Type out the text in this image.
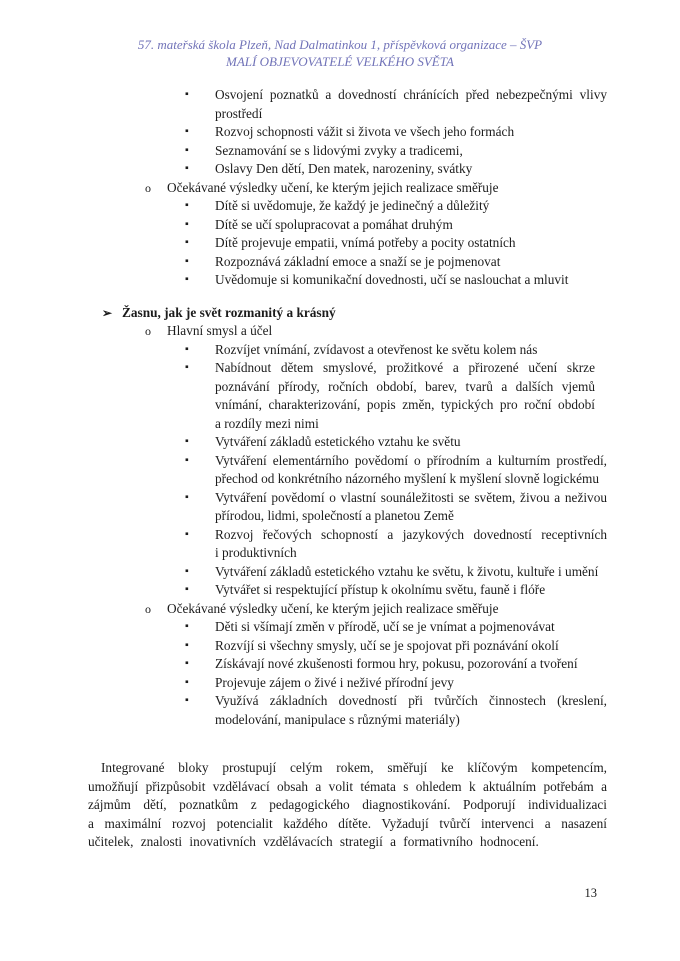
57. mateřská škola Plzeň, Nad Dalmatinkou 1, příspěvková organizace – ŠVP
MALÍ OBJEVOVATELÉ VELKÉHO SVĚTA
▪	Osvojení poznatků a dovedností chránících před nebezpečnými vlivy prostředí
▪	Rozvoj schopnosti vážit si života ve všech jeho formách
▪	Seznamování se s lidovými zvyky a tradicemi,
▪	Oslavy Den dětí, Den matek, narozeniny, svátky
o	Očekávané výsledky učení, ke kterým jejich realizace směřuje
▪	Dítě si uvědomuje, že každý je jedinečný a důležitý
▪	Dítě se učí spolupracovat a pomáhat druhým
▪	Dítě projevuje empatii, vnímá potřeby a pocity ostatních
▪	Rozpoznává základní emoce a snaží se je pojmenovat
▪	Uvědomuje si komunikační dovednosti, učí se naslouchat a mluvit
➢ Žasnu, jak je svět rozmanitý a krásný
o	Hlavní smysl a účel
▪	Rozvíjet vnímání, zvídavost a otevřenost ke světu kolem nás
▪	Nabídnout dětem smyslové, prožitkové a přirozené učení skrze poznávání přírody, ročních období, barev, tvarů a dalších vjemů vnímání, charakterizování, popis změn, typických pro roční období a rozdíly mezi nimi
▪	Vytváření základů estetického vztahu ke světu
▪	Vytváření elementárního povědomí o přírodním a kulturním prostředí, přechod od konkrétního názorného myšlení k myšlení slovně logickému
▪	Vytváření povědomí o vlastní sounáležitosti se světem, živou a neživou přírodou, lidmi, společností a planetou Země
▪	Rozvoj řečových schopností a jazykových dovedností receptivních i produktivních
▪	Vytváření základů estetického vztahu ke světu, k životu, kultuře i umění
▪	Vytvářet si respektující přístup k okolnímu světu, fauně i flóře
o	Očekávané výsledky učení, ke kterým jejich realizace směřuje
▪	Děti si všímají změn v přírodě, učí se je vnímat a pojmenovávat
▪	Rozvíjí si všechny smysly, učí se je spojovat při poznávání okolí
▪	Získávají nové zkušenosti formou hry, pokusu, pozorování a tvoření
▪	Projevuje zájem o živé i neživé přírodní jevy
▪	Využívá základních dovedností při tvůrčích činnostech (kreslení, modelování, manipulace s různými materiály)
Integrované bloky prostupují celým rokem, směřují ke klíčovým kompetencím, umožňují přizpůsobit vzdělávací obsah a volit témata s ohledem k aktuálním potřebám a zájmům dětí, poznatkům z pedagogického diagnostikování. Podporují individualizaci a maximální rozvoj potencialit každého dítěte. Vyžadují tvůrčí intervenci a nasazení učitelek, znalosti inovativních vzdělávacích strategií a formativního hodnocení.
13
